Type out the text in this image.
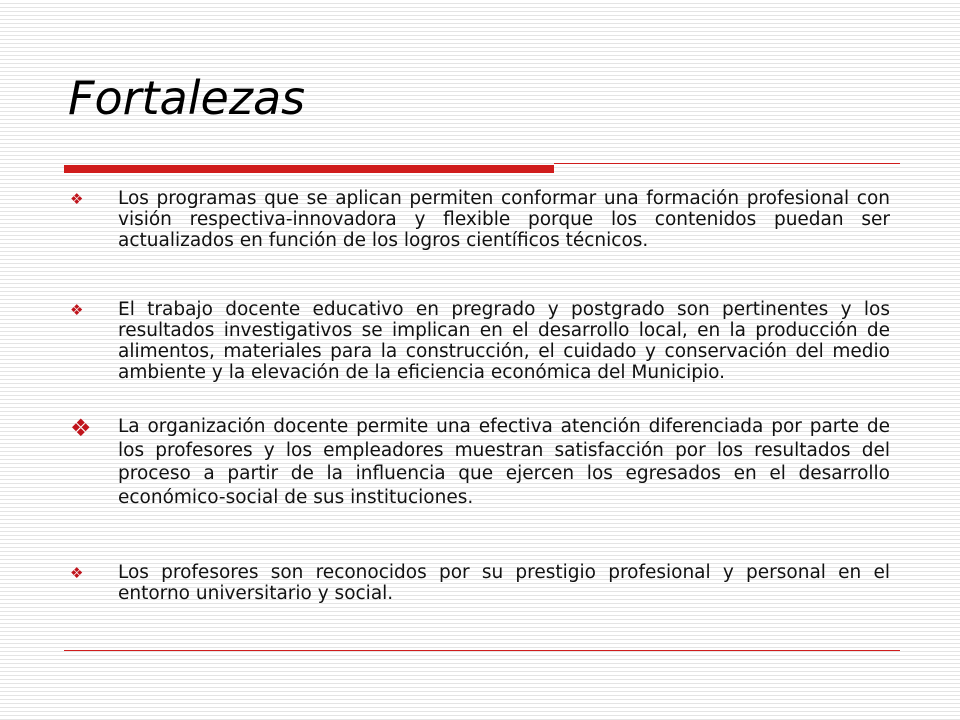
Fortalezas
❖	Los programas que se aplican permiten conformar una formación profesional con visión respectiva-innovadora y flexible porque los contenidos puedan ser actualizados en función de los logros científicos técnicos.
❖	El trabajo docente educativo en pregrado y postgrado son pertinentes y los resultados investigativos se implican en el desarrollo local, en la producción de alimentos, materiales para la construcción, el cuidado y conservación del medio ambiente y la elevación de la eficiencia económica del Municipio.
❖	La organización docente permite una efectiva atención diferenciada por parte de los profesores y los empleadores muestran satisfacción por los resultados del proceso a partir de la influencia que ejercen los egresados en el desarrollo económico-social de sus instituciones.
❖	Los profesores son reconocidos por su prestigio profesional y personal en el entorno universitario y social.
